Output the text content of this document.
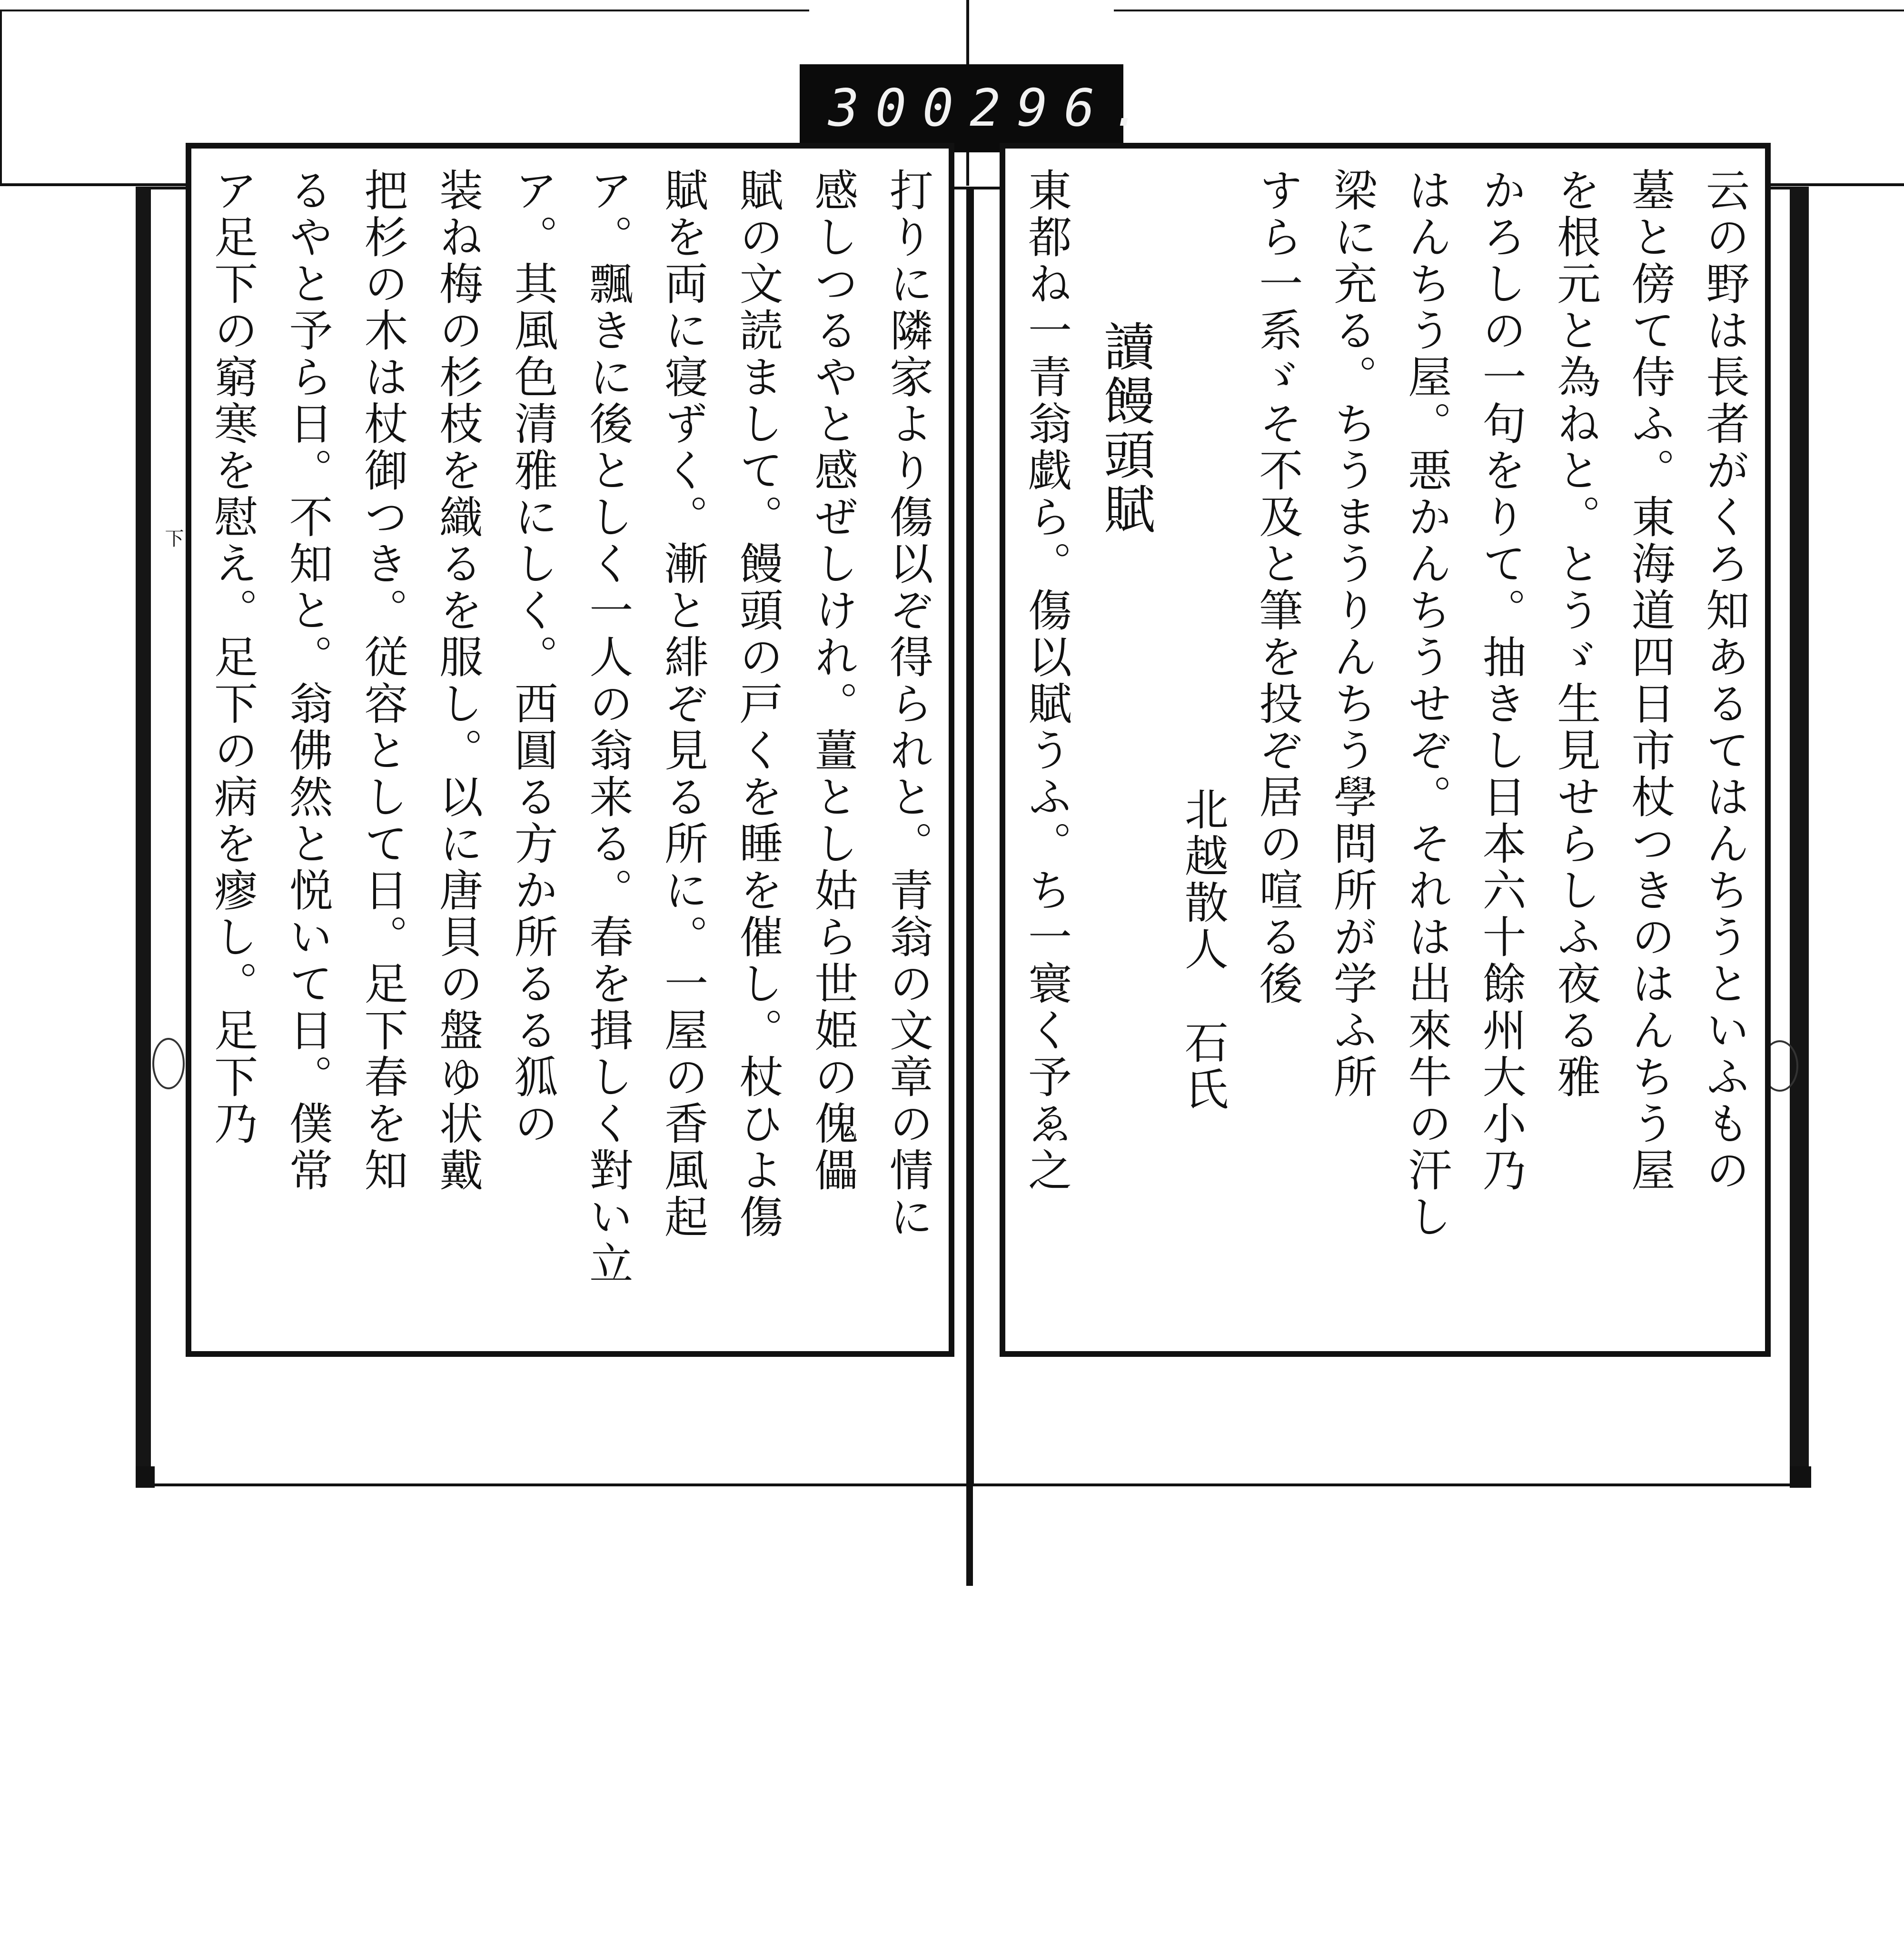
300 296.
下	云の野は長者がくろ知あるてはんちうといふもの
墓と傍て侍ふ。東海道四日市杖つきのはんちう屋
を根元と為ねと。とうゞ生見せらしふ夜る雅
かろしの一句をりて。抽きし日本六十餘州大小乃
はんちう屋。悪かんちうせぞ。それは出來牛の汗し
梁に充る。ちうまうりんちう學問所が学ふ所
すら一系ゞそ不及と筆を投ぞ居の喧る後
北越散人　石氏
讀饅頭賦
東都ね一青翁戯ら。傷以賦うふ。ち一寰く予ゑ之
打りに隣家より傷以ぞ得られと。青翁の文章の情に
感しつるやと感ぜしけれ。薑とし姑ら世姫の傀儡
賦の文読まして。饅頭の戸くを睡を催し。杖ひよ傷
賦を両に寝ずく。漸と緋ぞ見る所に。一屋の香風起
ア。飄きに後としく一人の翁来る。春を揖しく對い立
ア。其風色清雅にしく。西圓る方か所るる狐の
装ね梅の杉枝を織るを服し。以に唐貝の盤ゆ状戴
把杉の木は杖御つき。従容として日。足下春を知
るやと予ら日。不知と。翁佛然と悦いて日。僕常
ア足下の窮寒を慰え。足下の病を瘳し。足下乃
